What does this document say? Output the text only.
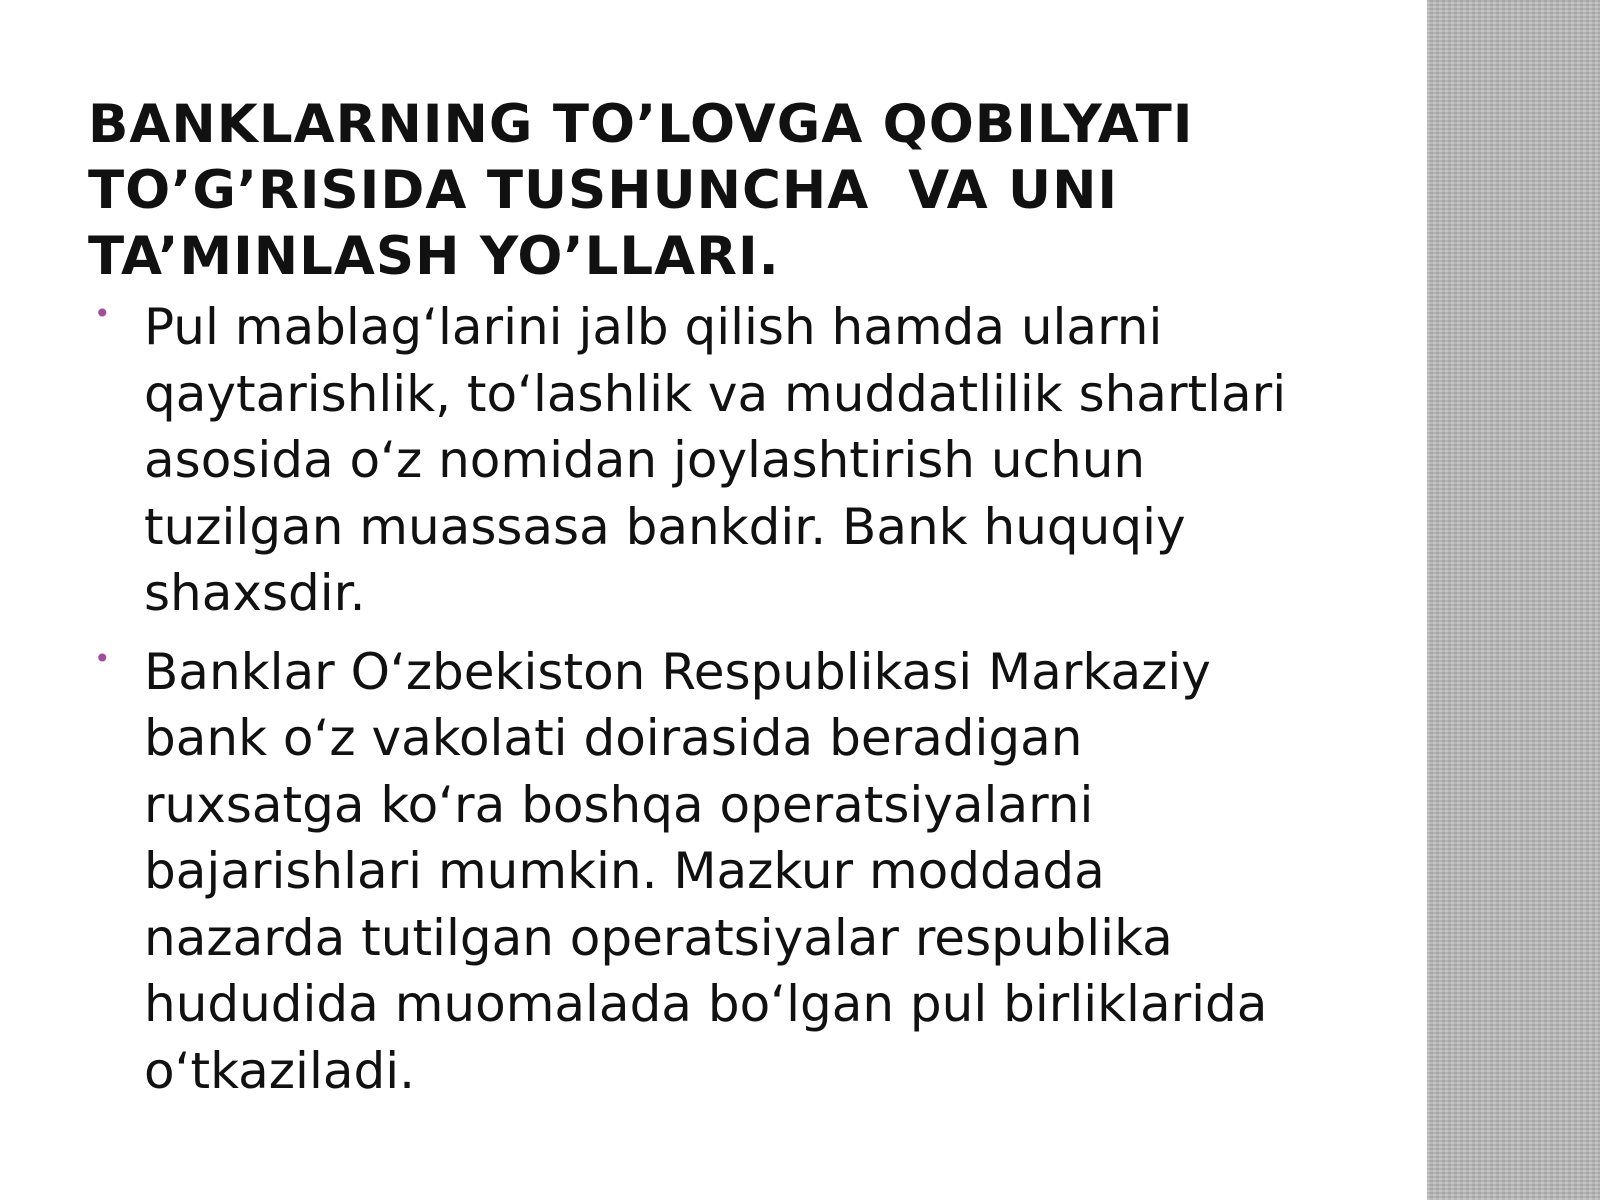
BANKLARNING TO’LOVGA QOBILYATI
TO’G’RISIDA TUSHUNCHA  VA UNI
TA’MINLASH YO’LLARI.
• Pul mablag‘larini jalb qilish hamda ularni
qaytarishlik, to‘lashlik va muddatlilik shartlari
asosida o‘z nomidan joylashtirish uchun
tuzilgan muassasa bankdir. Bank huquqiy
shaxsdir.
• Banklar O‘zbekiston Respublikasi Markaziy
bank o‘z vakolati doirasida beradigan
ruxsatga ko‘ra boshqa operatsiyalarni
bajarishlari mumkin. Mazkur moddada
nazarda tutilgan operatsiyalar respublika
hududida muomalada bo‘lgan pul birliklarida
o‘tkaziladi.
